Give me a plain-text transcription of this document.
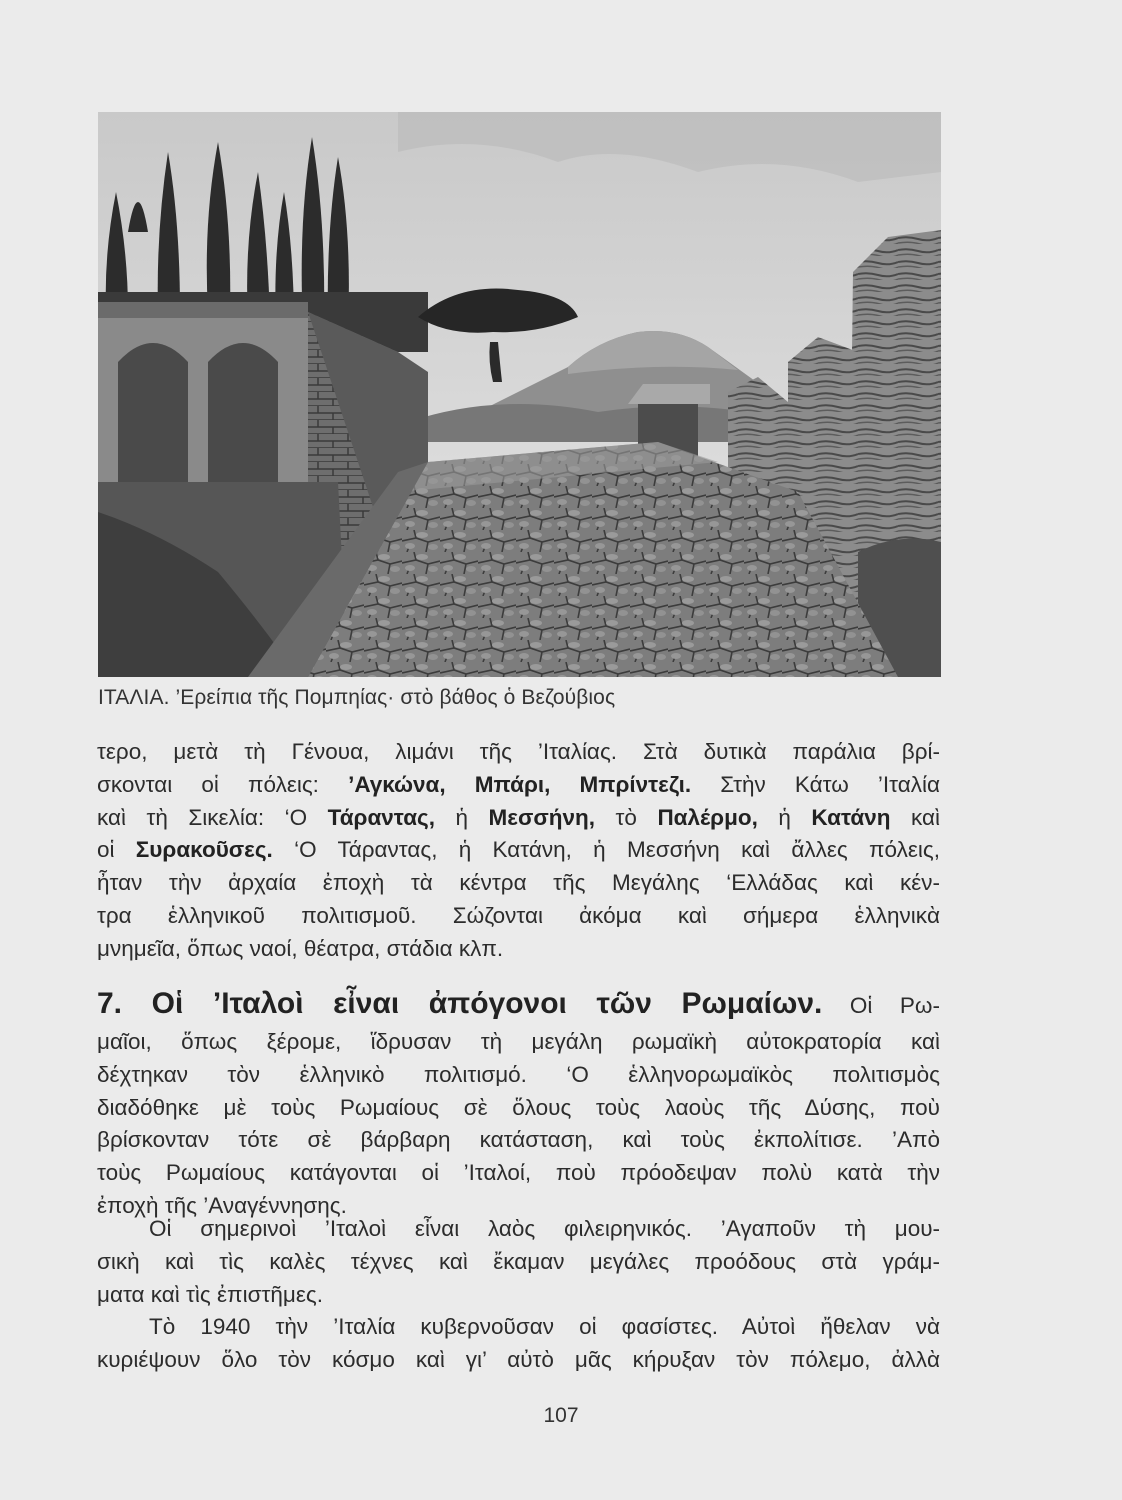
ΙΤΑΛΙΑ. ’Ερείπια τῆς Πομπηίας· στὸ βάθος ὁ Βεζούβιος
τερο, μετὰ τὴ Γένουα, λιμάνι τῆς ’Ιταλίας. Στὰ δυτικὰ παράλια βρί-
σκονται οἱ πόλεις: ’Αγκώνα, Μπάρι, Μπρίντεζι. Στὴν Κάτω ’Ιταλία
καὶ τὴ Σικελία: ‘Ο Τάραντας, ἡ Μεσσήνη, τὸ Παλέρμο, ἡ Κατάνη καὶ
οἱ Συρακοῦσες. ‘Ο Τάραντας, ἡ Κατάνη, ἡ Μεσσήνη καὶ ἄλλες πόλεις,
ἦταν τὴν ἀρχαία ἐποχὴ τὰ κέντρα τῆς Μεγάλης ‘Ελλάδας καὶ κέν-
τρα ἑλληνικοῦ πολιτισμοῦ. Σώζονται ἀκόμα καὶ σήμερα ἑλληνικὰ
μνημεῖα, ὅπως ναοί, θέατρα, στάδια κλπ.
7. Οἱ ’Ιταλοὶ εἶναι ἀπόγονοι τῶν Ρωμαίων. Οἱ Ρω-
μαῖοι, ὅπως ξέρομε, ἵδρυσαν τὴ μεγάλη ρωμαϊκὴ αὐτοκρατορία καὶ
δέχτηκαν τὸν ἑλληνικὸ πολιτισμό. ‘Ο ἑλληνορωμαϊκὸς πολιτισμὸς
διαδόθηκε μὲ τοὺς Ρωμαίους σὲ ὅλους τοὺς λαοὺς τῆς Δύσης, ποὺ
βρίσκονταν τότε σὲ βάρβαρη κατάσταση, καὶ τοὺς ἐκπολίτισε. ’Απὸ
τοὺς Ρωμαίους κατάγονται οἱ ’Ιταλοί, ποὺ πρόοδεψαν πολὺ κατὰ τὴν
ἐποχὴ τῆς ’Αναγέννησης.
Οἱ σημερινοὶ ’Ιταλοὶ εἶναι λαὸς φιλειρηνικός. ’Αγαποῦν τὴ μου-
σικὴ καὶ τὶς καλὲς τέχνες καὶ ἔκαμαν μεγάλες προόδους στὰ γράμ-
ματα καὶ τὶς ἐπιστῆμες.
Τὸ 1940 τὴν ’Ιταλία κυβερνοῦσαν οἱ φασίστες. Αὐτοὶ ἤθελαν νὰ
κυριέψουν ὅλο τὸν κόσμο καὶ γι’ αὐτὸ μᾶς κήρυξαν τὸν πόλεμο, ἀλλὰ
107
